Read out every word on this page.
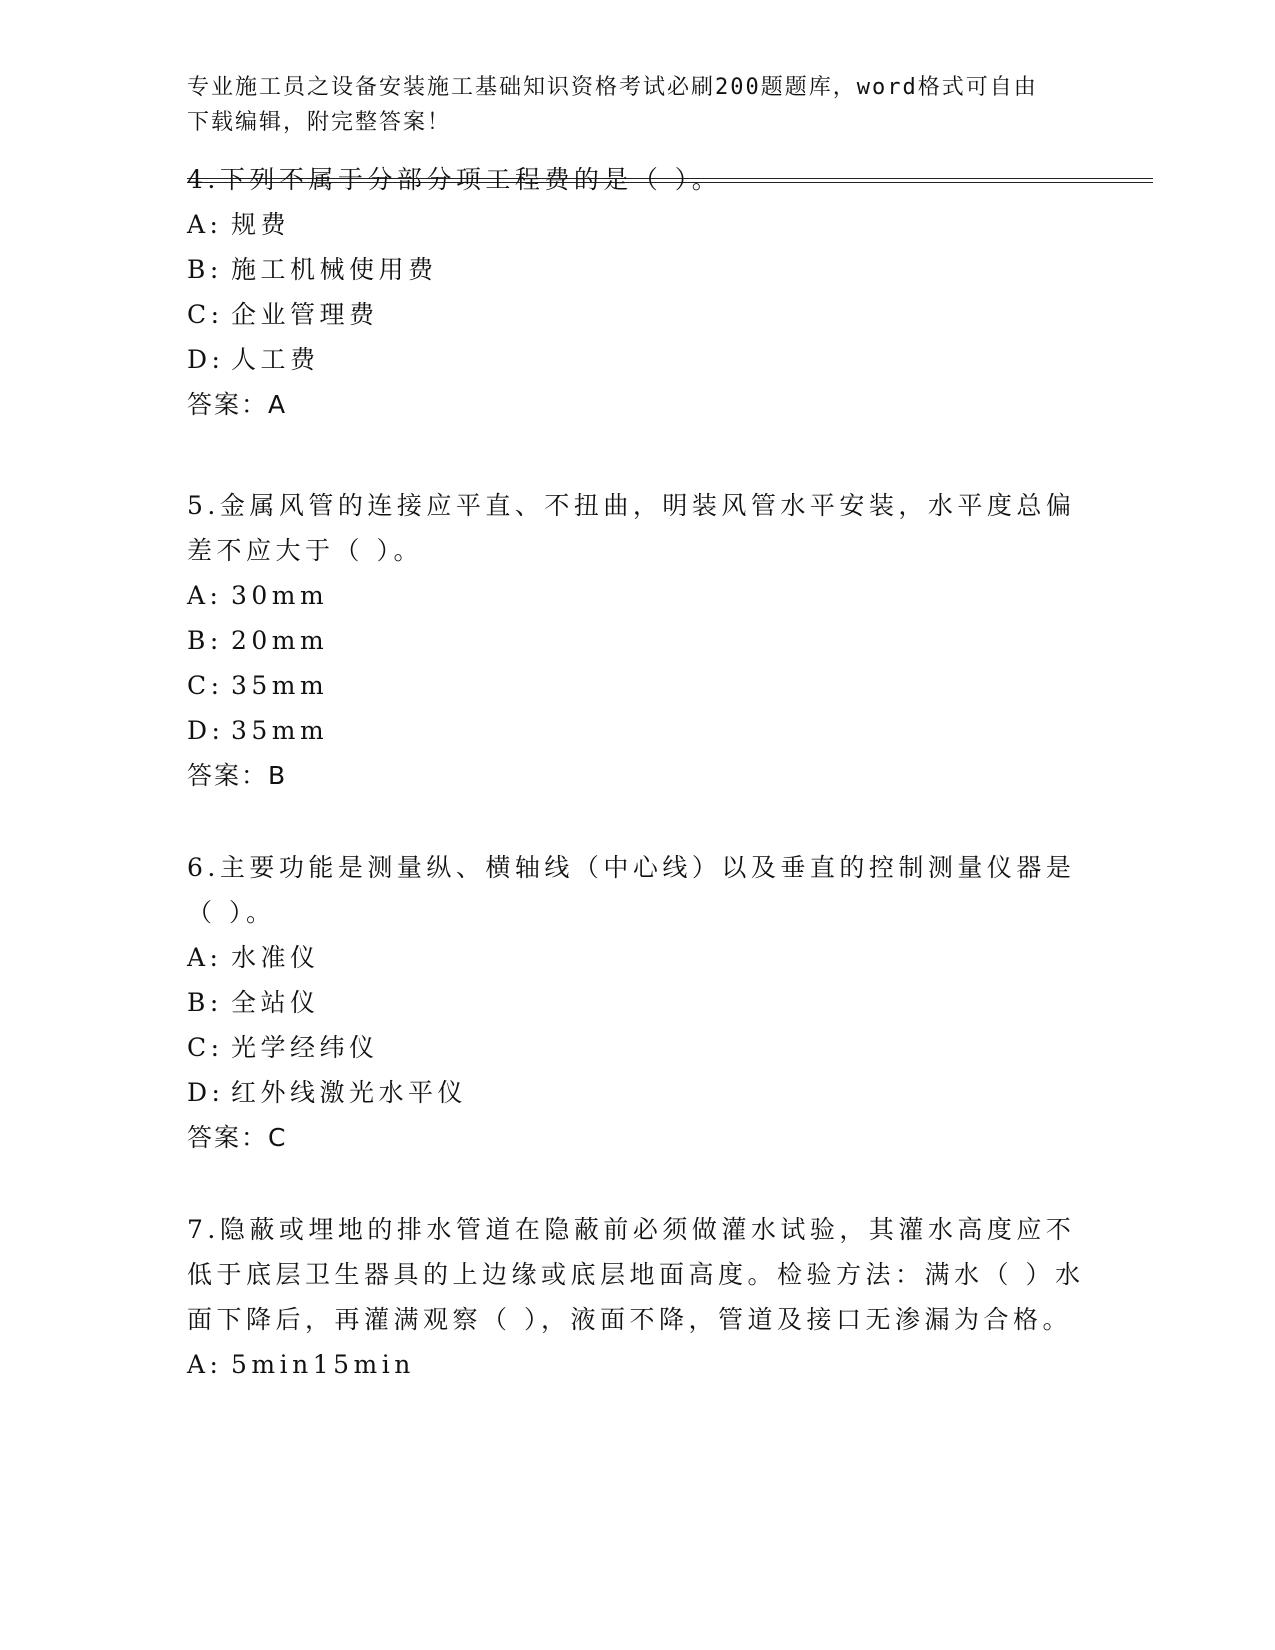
专业施工员之设备安装施工基础知识资格考试必刷200题题库，word格式可自由
下载编辑，附完整答案！

4.下列不属于分部分项工程费的是（ ）。

A: 规费

B: 施工机械使用费

C: 企业管理费

D: 人工费

答案：A

5.金属风管的连接应平直、不扭曲，明装风管水平安装，水平度总偏差不应大于（ ）。

A: 30mm

B: 20mm

C: 35mm

D: 35mm

答案：B

6.主要功能是测量纵、横轴线（中心线）以及垂直的控制测量仪器是（ ）。

A: 水准仪

B: 全站仪

C: 光学经纬仪

D: 红外线激光水平仪

答案：C

7.隐蔽或埋地的排水管道在隐蔽前必须做灌水试验，其灌水高度应不低于底层卫生器具的上边缘或底层地面高度。检验方法：满水（ ）水面下降后，再灌满观察（ ），液面不降，管道及接口无渗漏为合格。

A: 5min15min
